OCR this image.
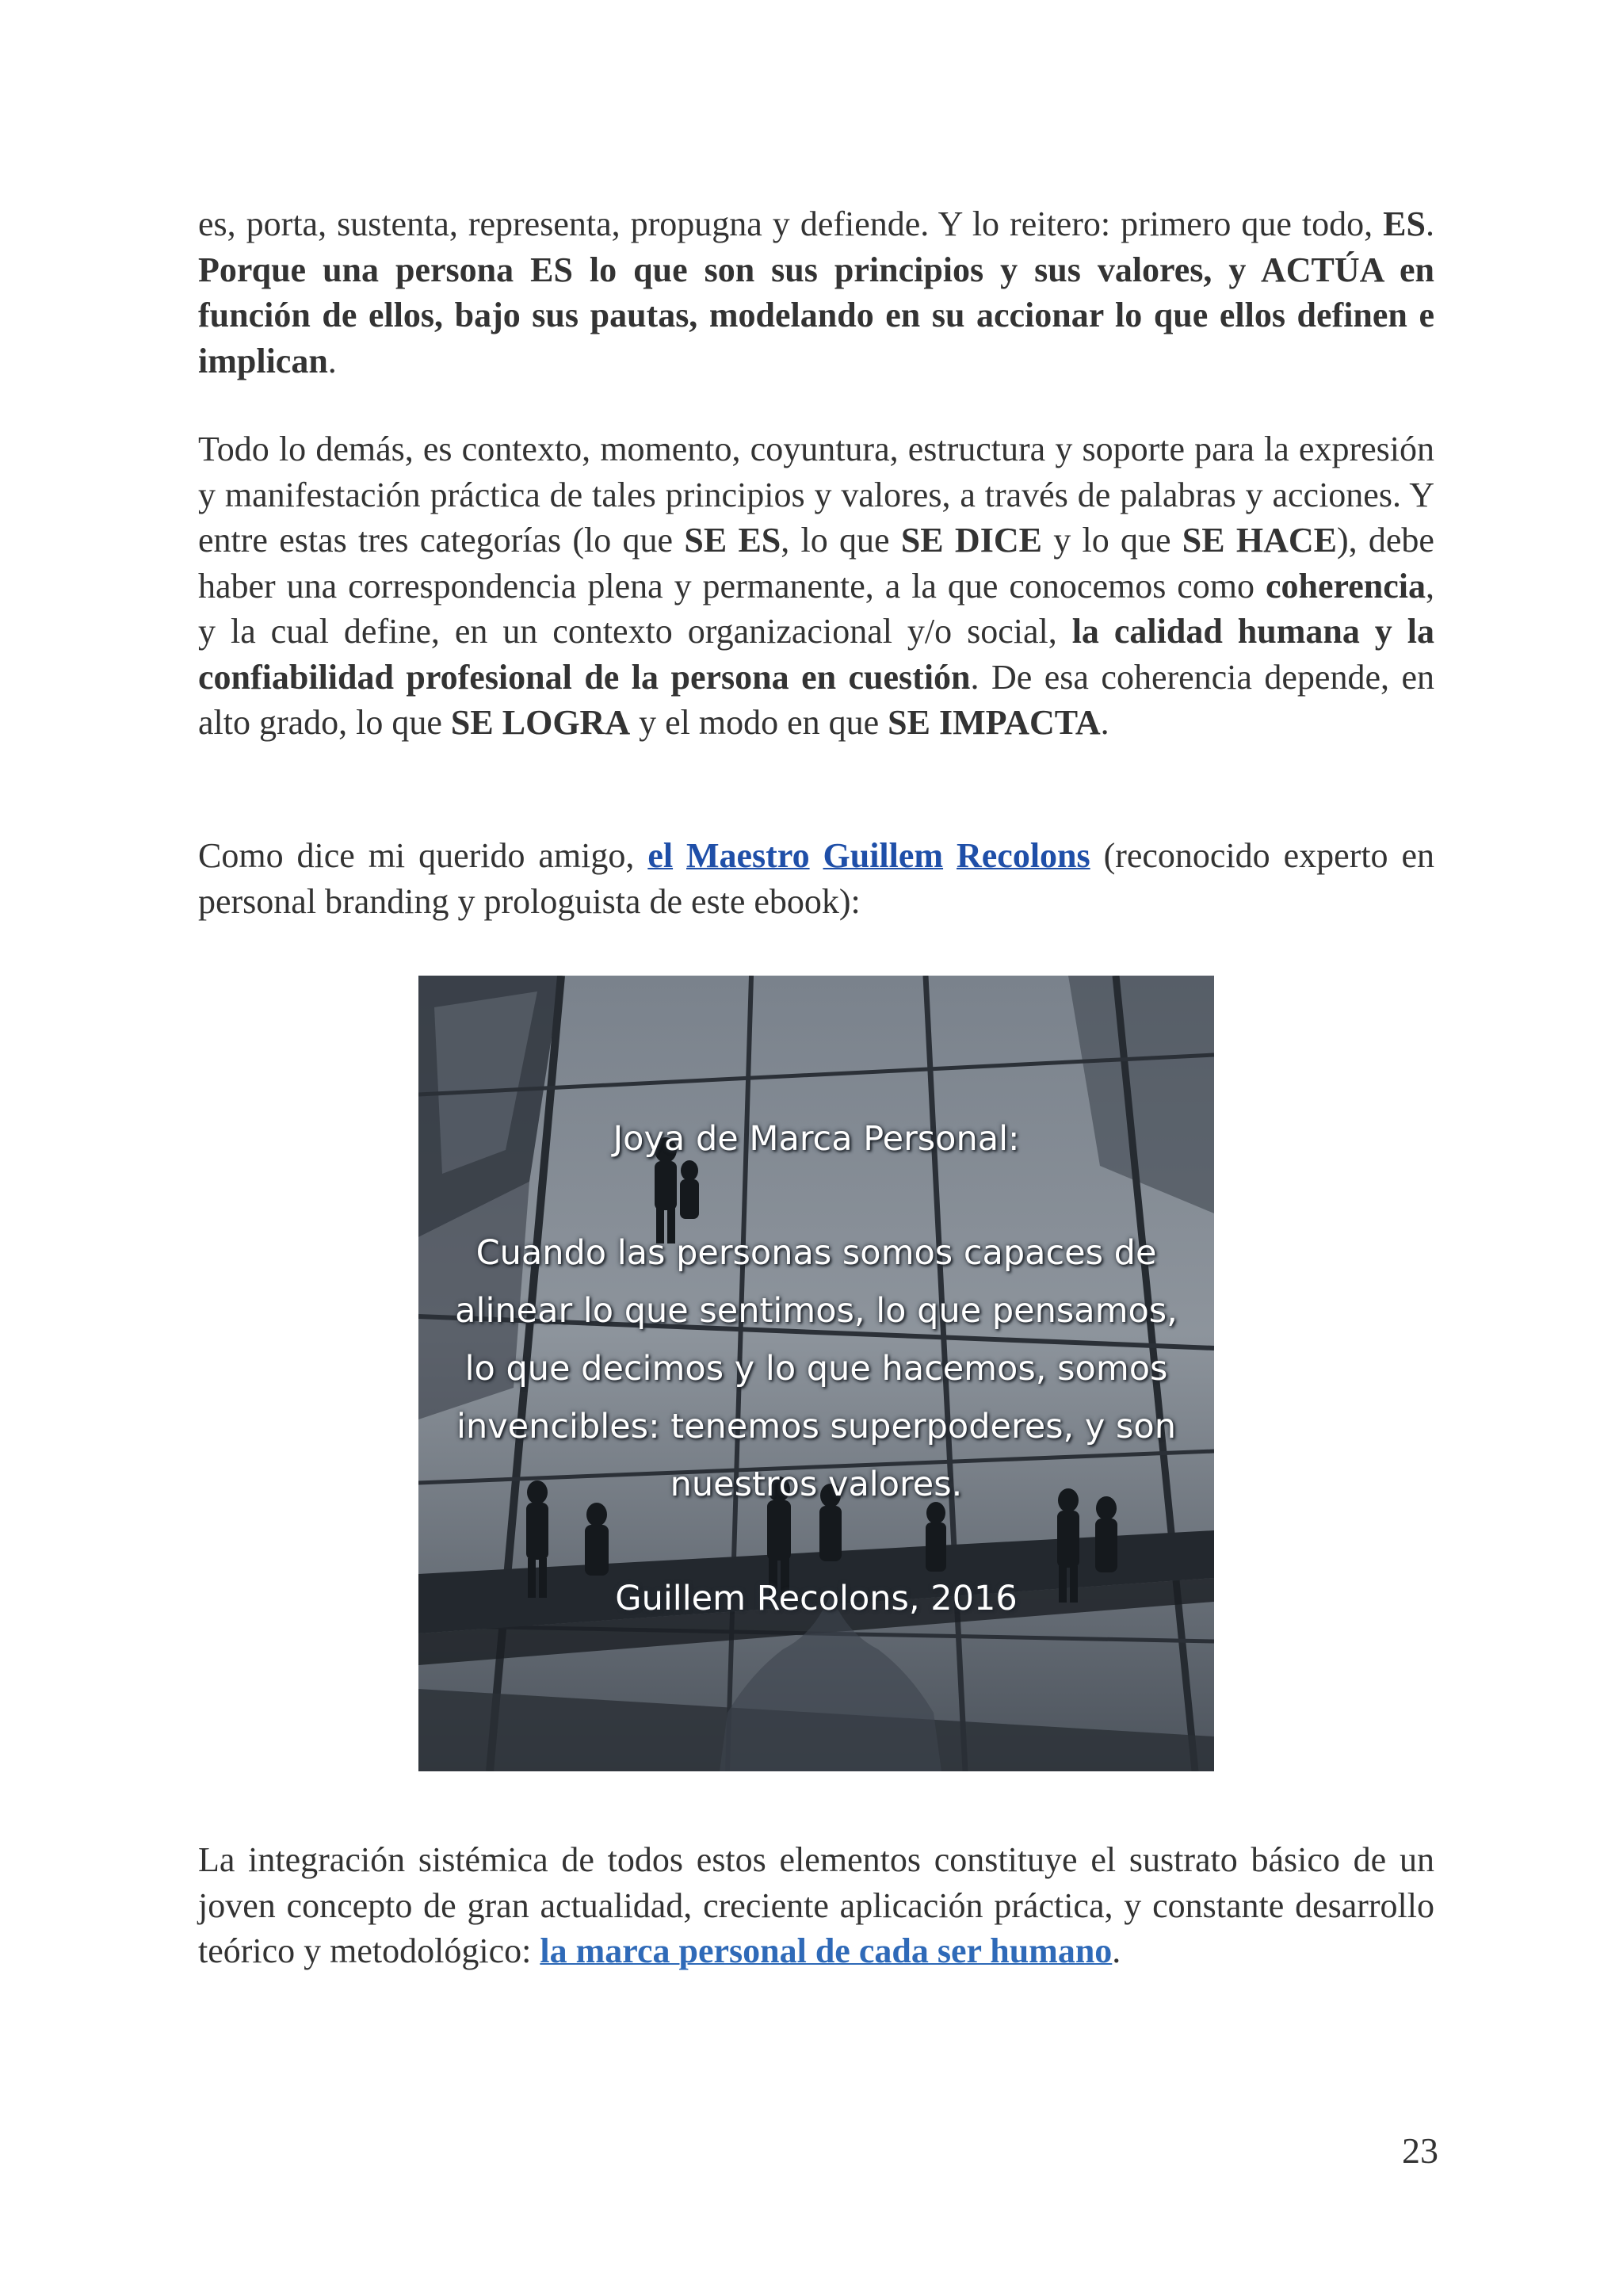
es, porta, sustenta, representa, propugna y defiende. Y lo reitero: primero que todo, ES. Porque una persona ES lo que son sus principios y sus valores, y ACTÚA en función de ellos, bajo sus pautas, modelando en su accionar lo que ellos definen e implican.

Todo lo demás, es contexto, momento, coyuntura, estructura y soporte para la expresión y manifestación práctica de tales principios y valores, a través de palabras y acciones. Y entre estas tres categorías (lo que SE ES, lo que SE DICE y lo que SE HACE), debe haber una correspondencia plena y permanente, a la que conocemos como coherencia, y la cual define, en un contexto organizacional y/o social, la calidad humana y la confiabilidad profesional de la persona en cuestión. De esa coherencia depende, en alto grado, lo que SE LOGRA y el modo en que SE IMPACTA.

Como dice mi querido amigo, el Maestro Guillem Recolons (reconocido experto en personal branding y prologuista de este ebook):

Joya de Marca Personal:

Cuando las personas somos capaces de
alinear lo que sentimos, lo que pensamos,
lo que decimos y lo que hacemos, somos
invencibles: tenemos superpoderes, y son
nuestros valores.

Guillem Recolons, 2016

La integración sistémica de todos estos elementos constituye el sustrato básico de un joven concepto de gran actualidad, creciente aplicación práctica, y constante desarrollo teórico y metodológico: la marca personal de cada ser humano.

23
